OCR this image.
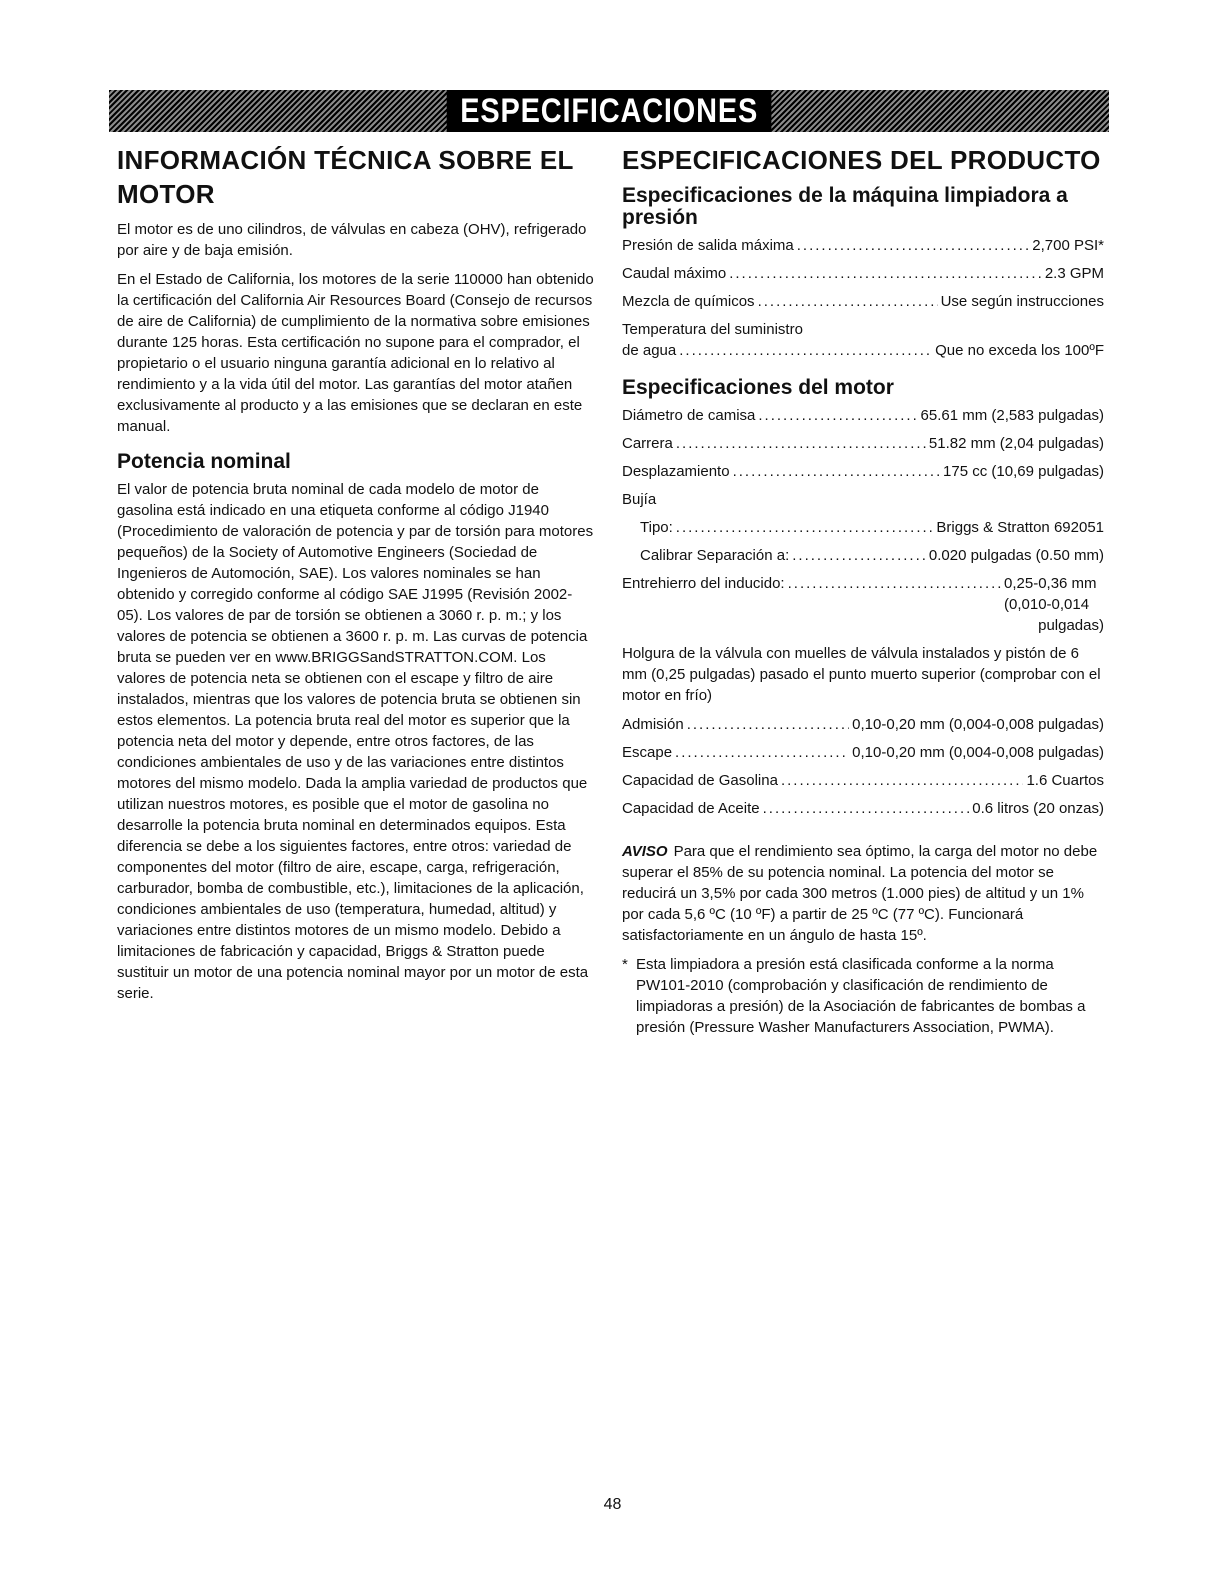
ESPECIFICACIONES
INFORMACIÓN TÉCNICA SOBRE EL MOTOR

El motor es de uno cilindros, de válvulas en cabeza (OHV), refrigerado por aire y de baja emisión.

En el Estado de California, los motores de la serie 110000 han obtenido la certificación del California Air Resources Board (Consejo de recursos de aire de California) de cumplimiento de la normativa sobre emisiones durante 125 horas. Esta certificación no supone para el comprador, el propietario o el usuario ninguna garantía adicional en lo relativo al rendimiento y a la vida útil del motor. Las garantías del motor atañen exclusivamente al producto y a las emisiones que se declaran en este manual.

Potencia nominal

El valor de potencia bruta nominal de cada modelo de motor de gasolina está indicado en una etiqueta conforme al código J1940 (Procedimiento de valoración de potencia y par de torsión para motores pequeños) de la Society of Automotive Engineers (Sociedad de Ingenieros de Automoción, SAE). Los valores nominales se han obtenido y corregido conforme al código SAE J1995 (Revisión 2002-05). Los valores de par de torsión se obtienen a 3060 r. p. m.; y los valores de potencia se obtienen a 3600 r. p. m. Las curvas de potencia bruta se pueden ver en www.BRIGGSandSTRATTON.COM. Los valores de potencia neta se obtienen con el escape y filtro de aire instalados, mientras que los valores de potencia bruta se obtienen sin estos elementos. La potencia bruta real del motor es superior que la potencia neta del motor y depende, entre otros factores, de las condiciones ambientales de uso y de las variaciones entre distintos motores del mismo modelo. Dada la amplia variedad de productos que utilizan nuestros motores, es posible que el motor de gasolina no desarrolle la potencia bruta nominal en determinados equipos. Esta diferencia se debe a los siguientes factores, entre otros: variedad de componentes del motor (filtro de aire, escape, carga, refrigeración, carburador, bomba de combustible, etc.), limitaciones de la aplicación, condiciones ambientales de uso (temperatura, humedad, altitud) y variaciones entre distintos motores de un mismo modelo. Debido a limitaciones de fabricación y capacidad, Briggs & Stratton puede sustituir un motor de una potencia nominal mayor por un motor de esta serie.

ESPECIFICACIONES DEL PRODUCTO
Especificaciones de la máquina limpiadora a presión
Presión de salida máxima .....	2,700 PSI*
Caudal máximo .....	2.3 GPM
Mezcla de químicos .....	Use según instrucciones

Temperatura del suministro

de agua .....	Que no exceda los 100ºF
Especificaciones del motor
Diámetro de camisa .....	65.61 mm (2,583 pulgadas)
Carrera .....	51.82 mm (2,04 pulgadas)
Desplazamiento .....	175 cc (10,69 pulgadas)

Bujía

Tipo: .....	Briggs & Stratton 692051
Calibrar Separación a: .....	0.020 pulgadas (0.50 mm)
Entrehierro del inducido: .....	0,25-0,36 mm
(0,010-0,014
pulgadas)

Holgura de la válvula con muelles de válvula instalados y pistón de 6 mm (0,25 pulgadas) pasado el punto muerto superior (comprobar con el motor en frío)

Admisión .....	0,10-0,20 mm (0,004-0,008 pulgadas)
Escape .....	0,10-0,20 mm (0,004-0,008 pulgadas)
Capacidad de Gasolina .....	1.6 Cuartos
Capacidad de Aceite .....	0.6 litros (20 onzas)

AVISO Para que el rendimiento sea óptimo, la carga del motor no debe superar el 85% de su potencia nominal. La potencia del motor se reducirá un 3,5% por cada 300 metros (1.000 pies) de altitud y un 1% por cada 5,6 ºC (10 ºF) a partir de 25 ºC (77 ºC). Funcionará satisfactoriamente en un ángulo de hasta 15º.

* Esta limpiadora a presión está clasificada conforme a la norma PW101-2010 (comprobación y clasificación de rendimiento de limpiadoras a presión) de la Asociación de fabricantes de bombas a presión (Pressure Washer Manufacturers Association, PWMA).
48
